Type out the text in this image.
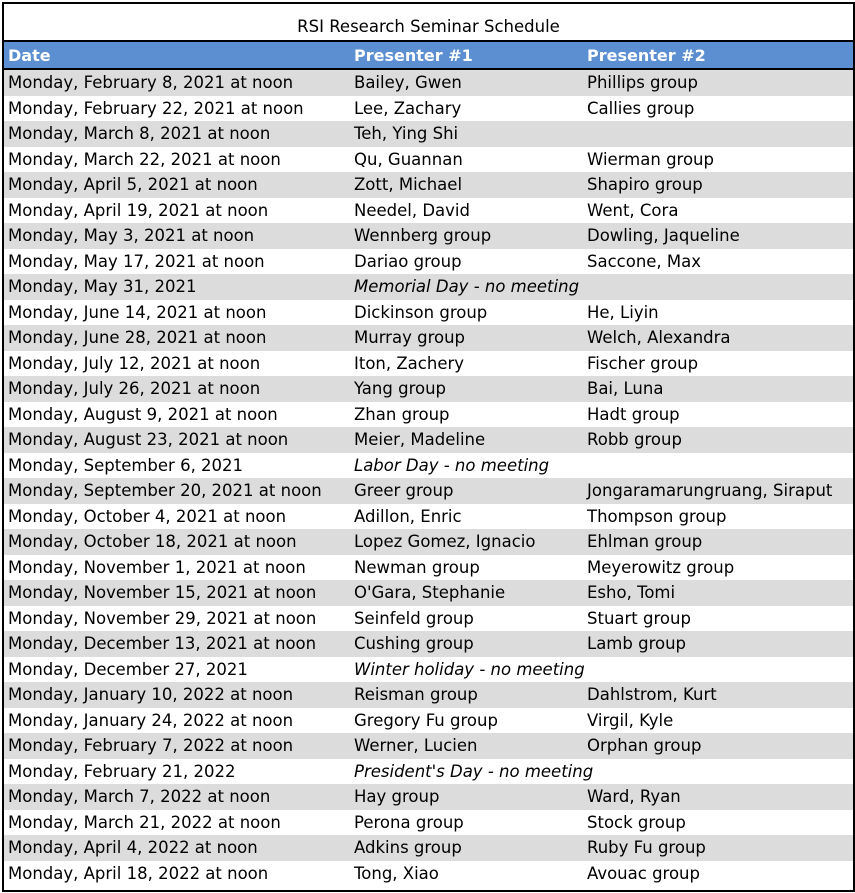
RSI Research Seminar Schedule
Date	Presenter #1	Presenter #2
Monday, February 8, 2021 at noon	Bailey, Gwen	Phillips group
Monday, February 22, 2021 at noon	Lee, Zachary	Callies group
Monday, March 8, 2021 at noon	Teh, Ying Shi	
Monday, March 22, 2021 at noon	Qu, Guannan	Wierman group
Monday, April 5, 2021 at noon	Zott, Michael	Shapiro group
Monday, April 19, 2021 at noon	Needel, David	Went, Cora
Monday, May 3, 2021 at noon	Wennberg group	Dowling, Jaqueline
Monday, May 17, 2021 at noon	Dariao group	Saccone, Max
Monday, May 31, 2021	Memorial Day - no meeting	
Monday, June 14, 2021 at noon	Dickinson group	He, Liyin
Monday, June 28, 2021 at noon	Murray group	Welch, Alexandra
Monday, July 12, 2021 at noon	Iton, Zachery	Fischer group
Monday, July 26, 2021 at noon	Yang group	Bai, Luna
Monday, August 9, 2021 at noon	Zhan group	Hadt group
Monday, August 23, 2021 at noon	Meier, Madeline	Robb group
Monday, September 6, 2021	Labor Day - no meeting	
Monday, September 20, 2021 at noon	Greer group	Jongaramarungruang, Siraput
Monday, October 4, 2021 at noon	Adillon, Enric	Thompson group
Monday, October 18, 2021 at noon	Lopez Gomez, Ignacio	Ehlman group
Monday, November 1, 2021 at noon	Newman group	Meyerowitz group
Monday, November 15, 2021 at noon	O'Gara, Stephanie	Esho, Tomi
Monday, November 29, 2021 at noon	Seinfeld group	Stuart group
Monday, December 13, 2021 at noon	Cushing group	Lamb group
Monday, December 27, 2021	Winter holiday - no meeting	
Monday, January 10, 2022 at noon	Reisman group	Dahlstrom, Kurt
Monday, January 24, 2022 at noon	Gregory Fu group	Virgil, Kyle
Monday, February 7, 2022 at noon	Werner, Lucien	Orphan group
Monday, February 21, 2022	President's Day - no meeting	
Monday, March 7, 2022 at noon	Hay group	Ward, Ryan
Monday, March 21, 2022 at noon	Perona group	Stock group
Monday, April 4, 2022 at noon	Adkins group	Ruby Fu group
Monday, April 18, 2022 at noon	Tong, Xiao	Avouac group
